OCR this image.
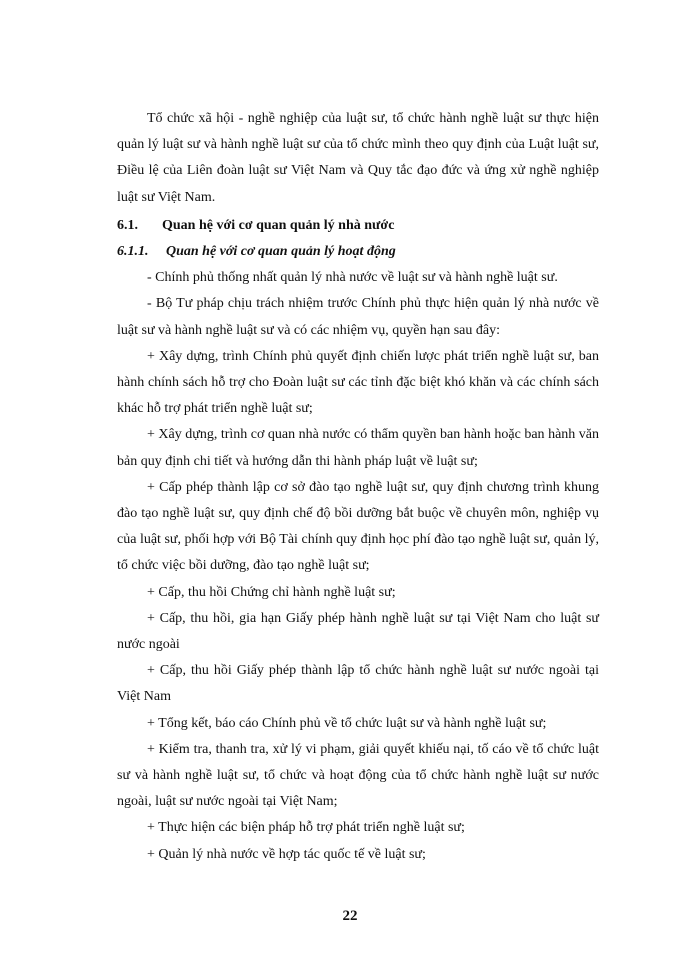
Tổ chức xã hội - nghề nghiệp của luật sư, tổ chức hành nghề luật sư thực hiện quản lý luật sư và hành nghề luật sư của tổ chức mình theo quy định của Luật luật sư, Điều lệ của Liên đoàn luật sư Việt Nam và Quy tắc đạo đức và ứng xử nghề nghiệp luật sư Việt Nam.

6.1.	Quan hệ với cơ quan quản lý nhà nước
6.1.1.	Quan hệ với cơ quan quản lý hoạt động

- Chính phủ thống nhất quản lý nhà nước về luật sư và hành nghề luật sư.

- Bộ Tư pháp chịu trách nhiệm trước Chính phủ thực hiện quản lý nhà nước về luật sư và hành nghề luật sư và có các nhiệm vụ, quyền hạn sau đây:

+ Xây dựng, trình Chính phủ quyết định chiến lược phát triển nghề luật sư, ban hành chính sách hỗ trợ cho Đoàn luật sư các tỉnh đặc biệt khó khăn và các chính sách khác hỗ trợ phát triển nghề luật sư;

+ Xây dựng, trình cơ quan nhà nước có thẩm quyền ban hành hoặc ban hành văn bản quy định chi tiết và hướng dẫn thi hành pháp luật về luật sư;

+ Cấp phép thành lập cơ sở đào tạo nghề luật sư, quy định chương trình khung đào tạo nghề luật sư, quy định chế độ bồi dưỡng bắt buộc về chuyên môn, nghiệp vụ của luật sư, phối hợp với Bộ Tài chính quy định học phí đào tạo nghề luật sư, quản lý, tổ chức việc bồi dưỡng, đào tạo nghề luật sư;

+ Cấp, thu hồi Chứng chỉ hành nghề luật sư;

+ Cấp, thu hồi, gia hạn Giấy phép hành nghề luật sư tại Việt Nam cho luật sư nước ngoài

+ Cấp, thu hồi Giấy phép thành lập tổ chức hành nghề luật sư nước ngoài tại Việt Nam

+ Tổng kết, báo cáo Chính phủ về tổ chức luật sư và hành nghề luật sư;

+ Kiểm tra, thanh tra, xử lý vi phạm, giải quyết khiếu nại, tố cáo về tổ chức luật sư và hành nghề luật sư, tổ chức và hoạt động của tổ chức hành nghề luật sư nước ngoài, luật sư nước ngoài tại Việt Nam;

+ Thực hiện các biện pháp hỗ trợ phát triển nghề luật sư;

+ Quản lý nhà nước về hợp tác quốc tế về luật sư;

22
